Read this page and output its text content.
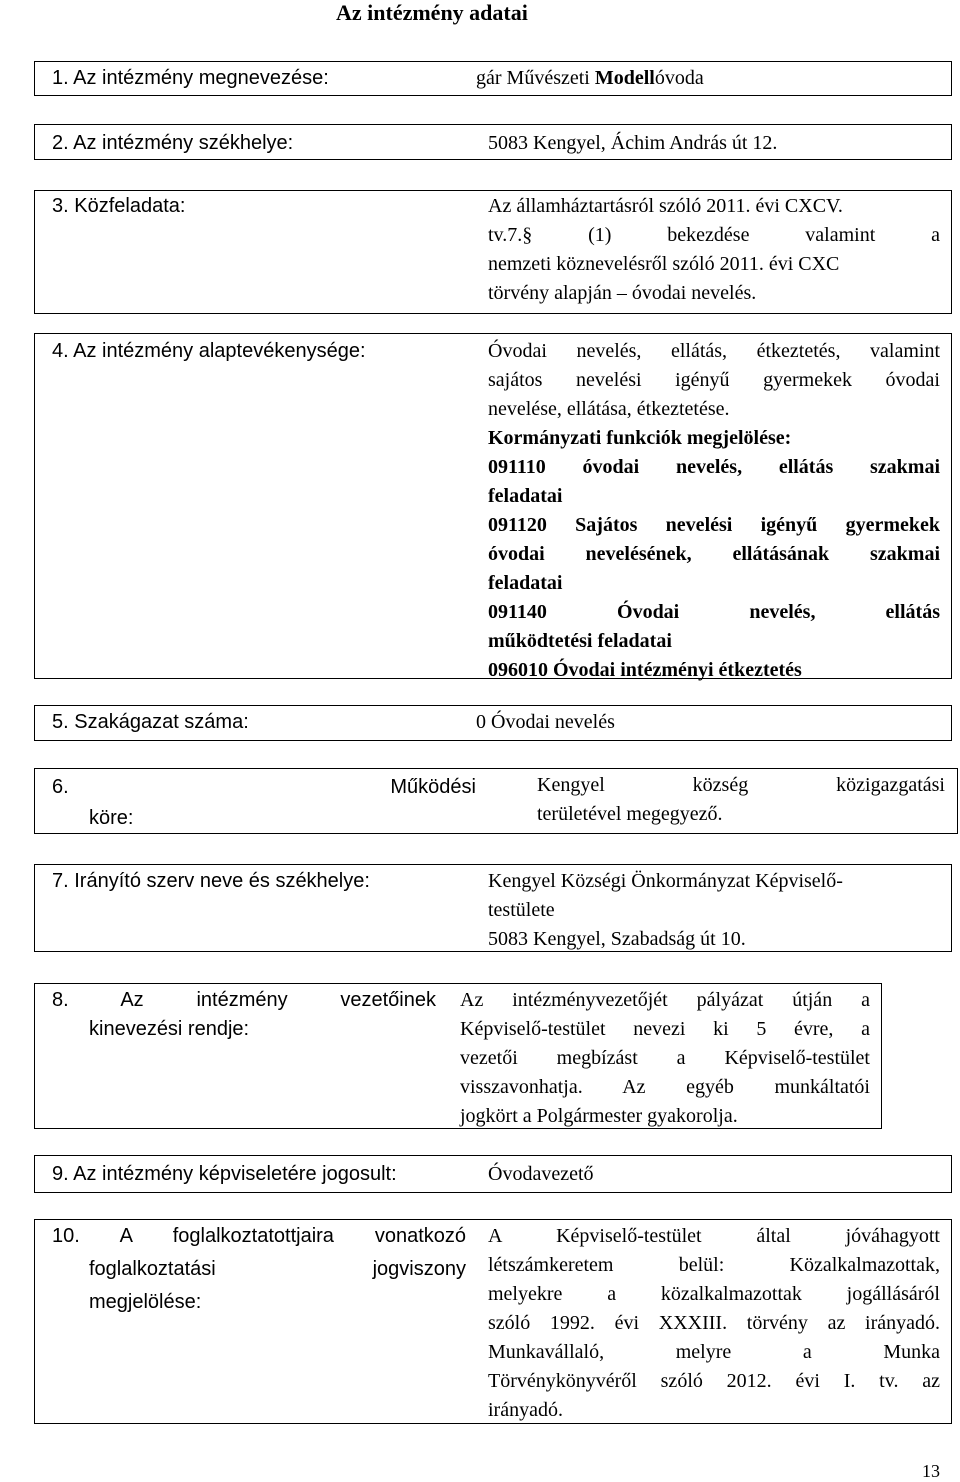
Az intézmény adatai
1. Az intézmény megnevezése:	gár Művészeti Modellóvoda
2. Az intézmény székhelye:	5083 Kengyel, Áchim András út 12.
3. Közfeladata:	Az államháztartásról szóló 2011. évi CXCV.
tv.7.§ (1) bekezdése valamint a
nemzeti köznevelésről szóló 2011. évi CXC
törvény alapján – óvodai nevelés.
4. Az intézmény alaptevékenysége:	Óvodai nevelés, ellátás, étkeztetés, valamint
sajátos nevelési igényű gyermekek óvodai
nevelése, ellátása, étkeztetése.
Kormányzati funkciók megjelölése:
091110 óvodai nevelés, ellátás szakmai
feladatai
091120 Sajátos nevelési igényű gyermekek
óvodai nevelésének, ellátásának szakmai
feladatai
091140 Óvodai nevelés, ellátás
működtetési feladatai
096010 Óvodai intézményi étkeztetés
5. Szakágazat száma:	0 Óvodai nevelés
6. Működési
köre:
Kengyel község közigazgatási
területével megegyező.
7. Irányító szerv neve és székhelye:	Kengyel Községi Önkormányzat Képviselő-
testülete
5083 Kengyel, Szabadság út 10.
8. Az intézmény vezetőinek
kinevezési rendje:
Az intézményvezetőjét pályázat útján a
Képviselő-testület nevezi ki 5 évre, a
vezetői megbízást a Képviselő-testület
visszavonhatja. Az egyéb munkáltatói
jogkört a Polgármester gyakorolja.
9. Az intézmény képviseletére jogosult:	Óvodavezető
10. A foglalkoztatottjaira vonatkozó
foglalkoztatási jogviszony
megjelölése:
A Képviselő-testület által jóváhagyott
létszámkeretem belül: Közalkalmazottak,
melyekre a közalkalmazottak jogállásáról
szóló 1992. évi XXXIII. törvény az irányadó.
Munkavállaló, melyre a Munka
Törvénykönyvéről szóló 2012. évi I. tv. az
irányadó.
13
